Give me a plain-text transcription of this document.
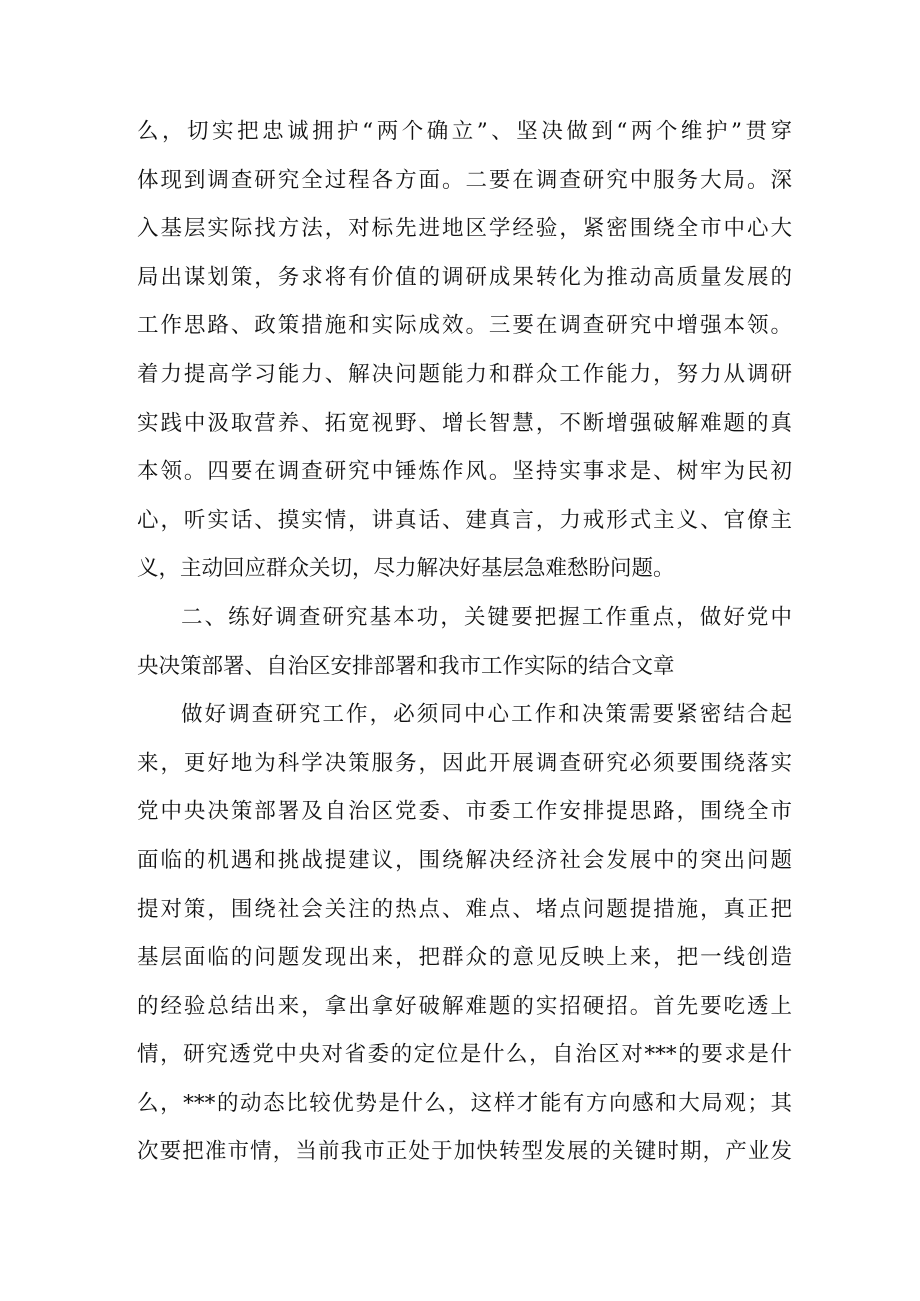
么，切实把忠诚拥护“两个确立”、坚决做到“两个维护”贯穿
体现到调查研究全过程各方面。二要在调查研究中服务大局。深
入基层实际找方法，对标先进地区学经验，紧密围绕全市中心大
局出谋划策，务求将有价值的调研成果转化为推动高质量发展的
工作思路、政策措施和实际成效。三要在调查研究中增强本领。
着力提高学习能力、解决问题能力和群众工作能力，努力从调研
实践中汲取营养、拓宽视野、增长智慧，不断增强破解难题的真
本领。四要在调查研究中锤炼作风。坚持实事求是、树牢为民初
心，听实话、摸实情，讲真话、建真言，力戒形式主义、官僚主
义，主动回应群众关切，尽力解决好基层急难愁盼问题。
二、练好调查研究基本功，关键要把握工作重点，做好党中
央决策部署、自治区安排部署和我市工作实际的结合文章
做好调查研究工作，必须同中心工作和决策需要紧密结合起
来，更好地为科学决策服务，因此开展调查研究必须要围绕落实
党中央决策部署及自治区党委、市委工作安排提思路，围绕全市
面临的机遇和挑战提建议，围绕解决经济社会发展中的突出问题
提对策，围绕社会关注的热点、难点、堵点问题提措施，真正把
基层面临的问题发现出来，把群众的意见反映上来，把一线创造
的经验总结出来，拿出拿好破解难题的实招硬招。首先要吃透上
情，研究透党中央对省委的定位是什么，自治区对***的要求是什
么，***的动态比较优势是什么，这样才能有方向感和大局观；其
次要把准市情，当前我市正处于加快转型发展的关键时期，产业发
